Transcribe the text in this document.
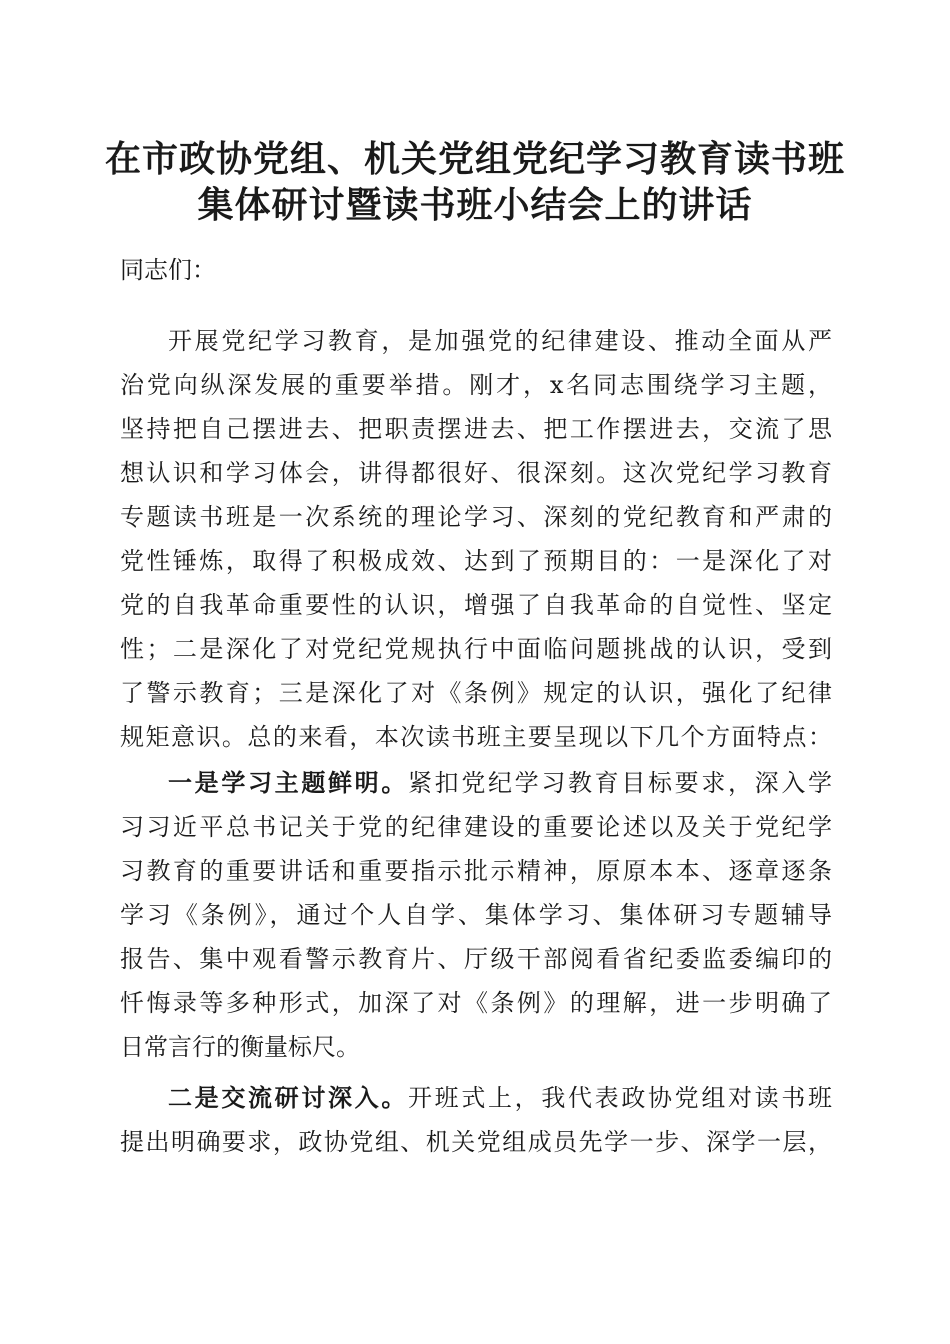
在市政协党组、机关党组党纪学习教育读书班
集体研讨暨读书班小结会上的讲话
同志们：
开展党纪学习教育，是加强党的纪律建设、推动全面从严
治党向纵深发展的重要举措。刚才，x名同志围绕学习主题，
坚持把自己摆进去、把职责摆进去、把工作摆进去，交流了思
想认识和学习体会，讲得都很好、很深刻。这次党纪学习教育
专题读书班是一次系统的理论学习、深刻的党纪教育和严肃的
党性锤炼，取得了积极成效、达到了预期目的：一是深化了对
党的自我革命重要性的认识，增强了自我革命的自觉性、坚定
性；二是深化了对党纪党规执行中面临问题挑战的认识，受到
了警示教育；三是深化了对《条例》规定的认识，强化了纪律
规矩意识。总的来看，本次读书班主要呈现以下几个方面特点：
一是学习主题鲜明。紧扣党纪学习教育目标要求，深入学
习习近平总书记关于党的纪律建设的重要论述以及关于党纪学
习教育的重要讲话和重要指示批示精神，原原本本、逐章逐条
学习《条例》，通过个人自学、集体学习、集体研习专题辅导
报告、集中观看警示教育片、厅级干部阅看省纪委监委编印的
忏悔录等多种形式，加深了对《条例》的理解，进一步明确了
日常言行的衡量标尺。
二是交流研讨深入。开班式上，我代表政协党组对读书班
提出明确要求，政协党组、机关党组成员先学一步、深学一层，
